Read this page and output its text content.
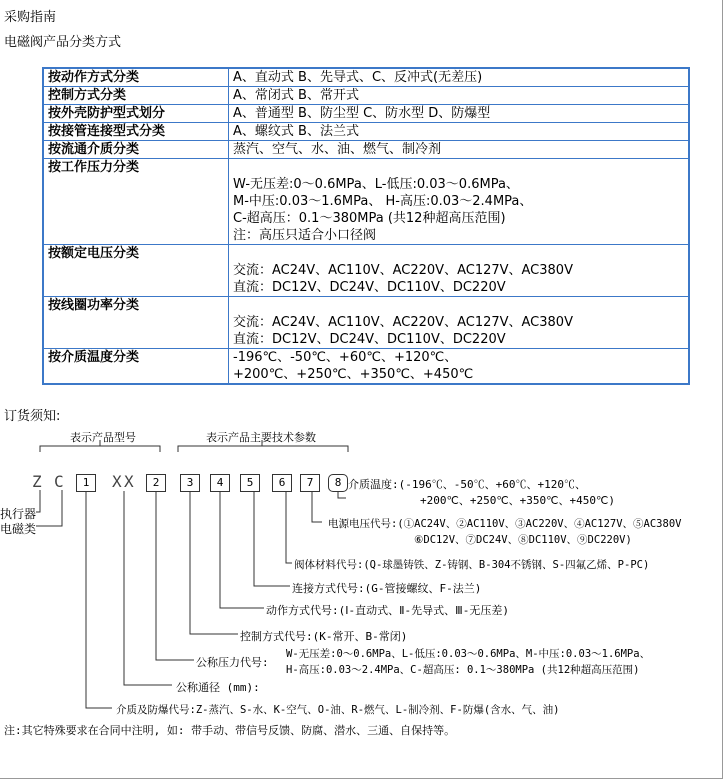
采购指南
电磁阀产品分类方式
按动作方式分类	A、直动式 B、先导式、C、反冲式(无差压)

控制方式分类	A、常闭式 B、常开式

按外壳防护型式划分	A、普通型 B、防尘型 C、防水型 D、防爆型

按接管连接型式分类	A、螺纹式 B、法兰式

按流通介质分类	蒸汽、空气、水、油、燃气、制冷剂

按工作压力分类	W-无压差:0～0.6MPa、L-低压:0.03～0.6MPa、
M-中压:0.03～1.6MPa、 H-高压:0.03～2.4MPa、
C-超高压：0.1～380MPa (共12种超高压范围)
注：高压只适合小口径阀

按额定电压分类	交流：AC24V、AC110V、AC220V、AC127V、AC380V
直流：DC12V、DC24V、DC110V、DC220V

按线圈功率分类	交流：AC24V、AC110V、AC220V、AC127V、AC380V
直流：DC12V、DC24V、DC110V、DC220V

按介质温度分类	-196℃、-50℃、+60℃、+120℃、
+200℃、+250℃、+350℃、+450℃
订货须知:
表示产品型号	表示产品主要技术参数
Z C	1	X X	2	3	4	5	6	7	8
执行器
电磁类
介质温度:(-196℃、-50℃、+60℃、+120℃、
+200℃、+250℃、+350℃、+450℃)
电源电压代号:(①AC24V、②AC110V、③AC220V、④AC127V、⑤AC380V
⑥DC12V、⑦DC24V、⑧DC110V、⑨DC220V)
阀体材料代号:(Q-球墨铸铁、Z-铸钢、B-304不锈钢、S-四氟乙烯、P-PC)
连接方式代号:(G-管接螺纹、F-法兰)
动作方式代号:(Ⅰ-直动式、Ⅱ-先导式、Ⅲ-无压差)
控制方式代号:(K-常开、B-常闭)
公称压力代号:
W-无压差:0～0.6MPa、L-低压:0.03～0.6MPa、M-中压:0.03～1.6MPa、
H-高压:0.03～2.4MPa、C-超高压: 0.1～380MPa (共12种超高压范围)
公称通径 (mm):
介质及防爆代号:Z-蒸汽、S-水、K-空气、O-油、R-燃气、L-制冷剂、F-防爆(含水、气、油)
注:其它特殊要求在合同中注明, 如: 带手动、带信号反馈、防腐、潜水、三通、自保持等。
